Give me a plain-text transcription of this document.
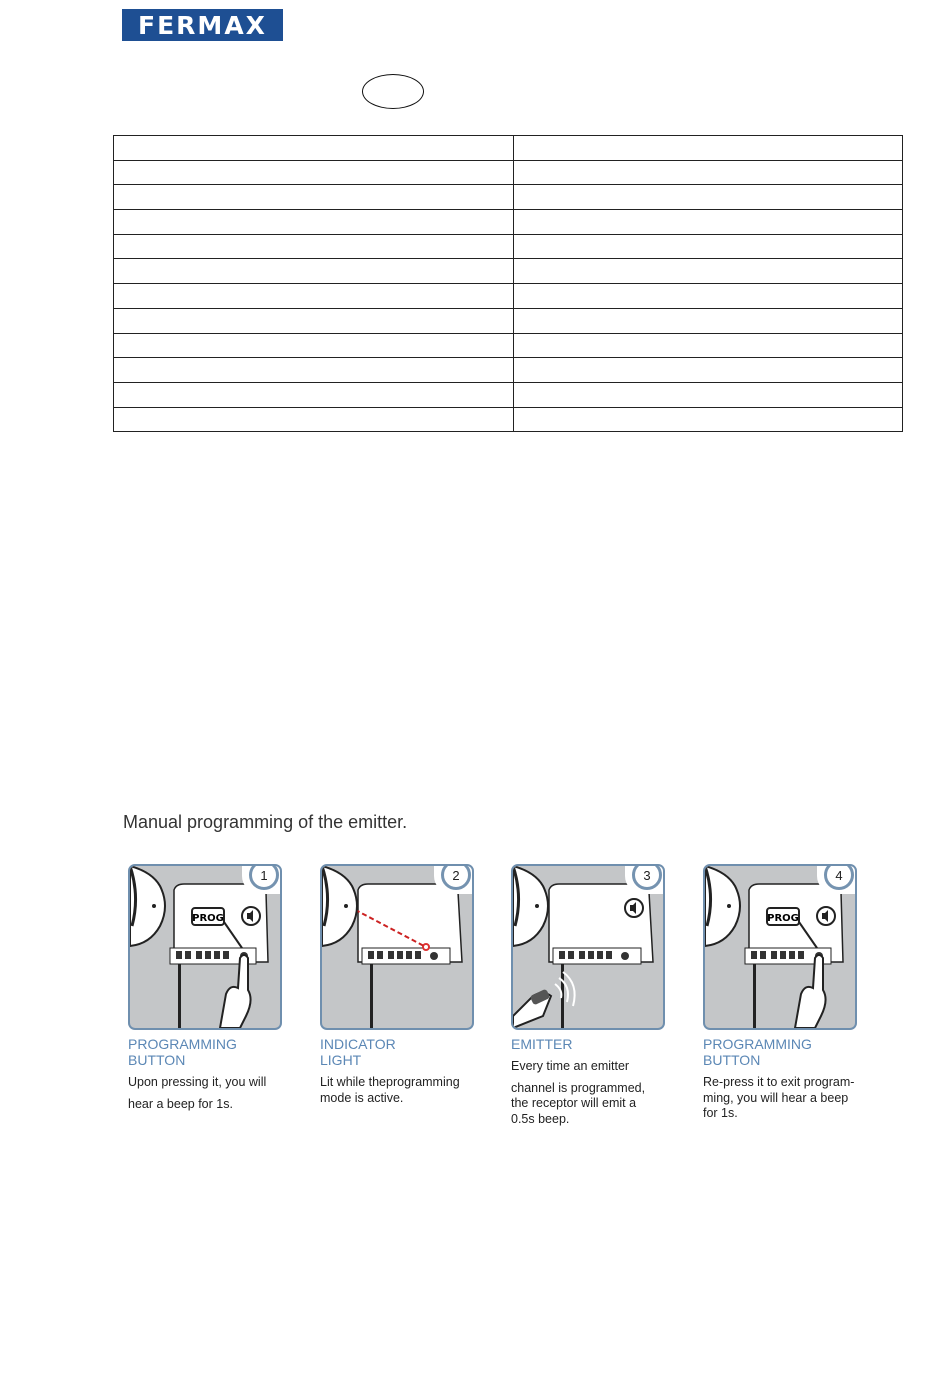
FERMAX

Manual programming of the emitter.
PROG
1
PROGRAMMING
BUTTON
Upon pressing it, you will
hear a beep for 1s.
2
INDICATOR
LIGHT
Lit while theprogramming
mode is active.
3
EMITTER
Every time an emitter
channel is programmed,
the receptor will emit a
0.5s beep.
PROG
4
PROGRAMMING
BUTTON
Re-press it to exit program-
ming, you will hear a beep
for 1s.
